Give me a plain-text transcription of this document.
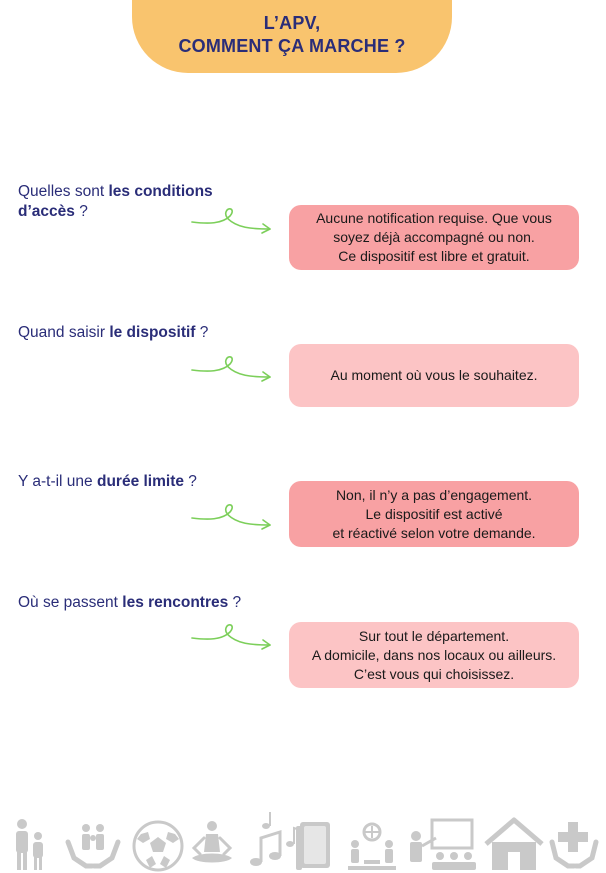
L’APV,
COMMENT ÇA MARCHE ?
Quelles sont les conditions d’accès ?	Aucune notification requise. Que vous
soyez déjà accompagné ou non.
Ce dispositif est libre et gratuit.
Quand saisir le dispositif ?
Au moment où vous le souhaitez.
Y a-t-il une durée limite ?
Non, il n’y a pas d’engagement.
Le dispositif est activé
et réactivé selon votre demande.
Où se passent les rencontres ?
Sur tout le département.
A domicile, dans nos locaux ou ailleurs.
C’est vous qui choisissez.
